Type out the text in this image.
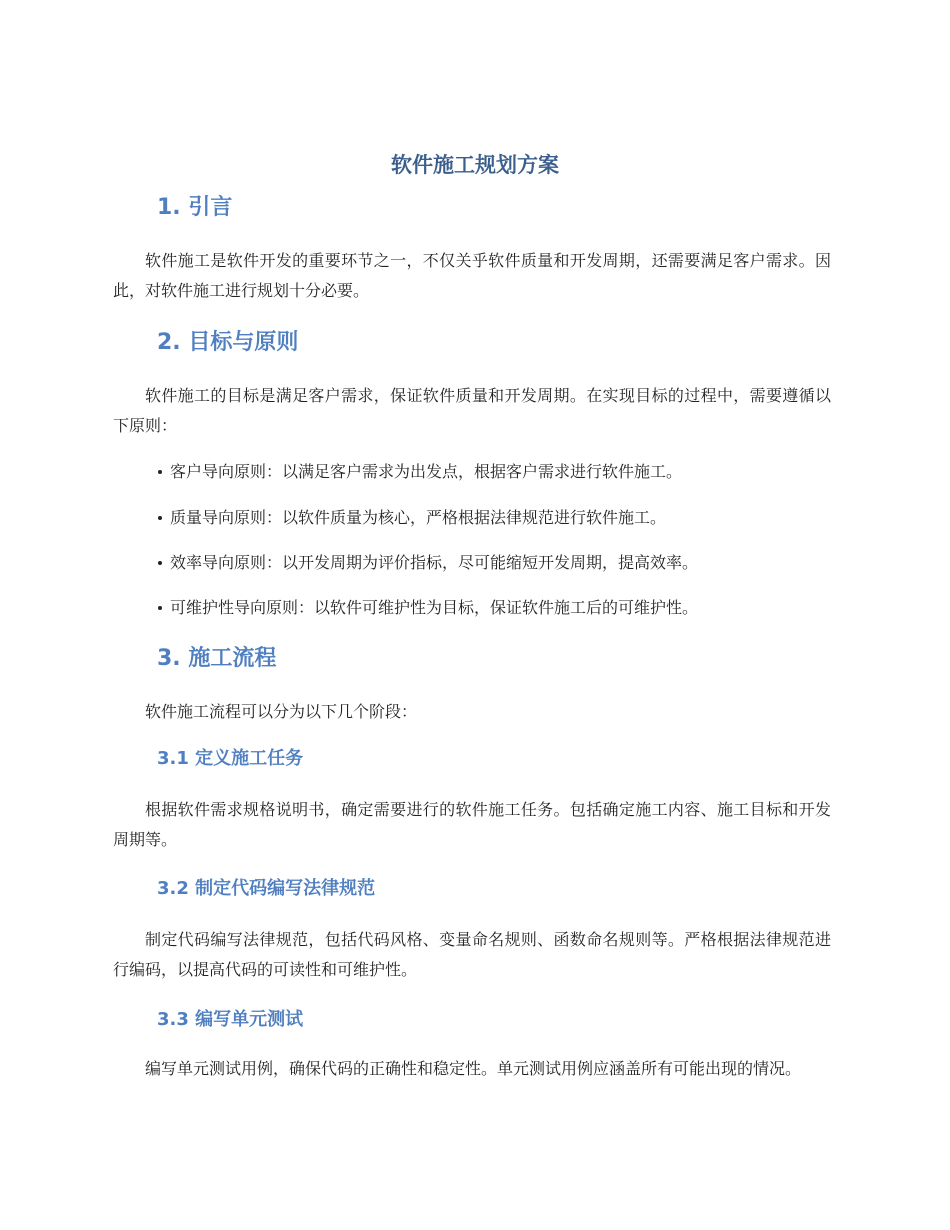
软件施工规划方案
1. 引言

软件施工是软件开发的重要环节之一，不仅关乎软件质量和开发周期，还需要满足客户需求。因此，对软件施工进行规划十分必要。

2. 目标与原则

软件施工的目标是满足客户需求，保证软件质量和开发周期。在实现目标的过程中，需要遵循以下原则：

客户导向原则：以满足客户需求为出发点，根据客户需求进行软件施工。

质量导向原则：以软件质量为核心，严格根据法律规范进行软件施工。

效率导向原则：以开发周期为评价指标，尽可能缩短开发周期，提高效率。

可维护性导向原则：以软件可维护性为目标，保证软件施工后的可维护性。

3. 施工流程

软件施工流程可以分为以下几个阶段：

3.1 定义施工任务

根据软件需求规格说明书，确定需要进行的软件施工任务。包括确定施工内容、施工目标和开发周期等。

3.2 制定代码编写法律规范

制定代码编写法律规范，包括代码风格、变量命名规则、函数命名规则等。严格根据法律规范进行编码，以提高代码的可读性和可维护性。

3.3 编写单元测试

编写单元测试用例，确保代码的正确性和稳定性。单元测试用例应涵盖所有可能出现的情况。
